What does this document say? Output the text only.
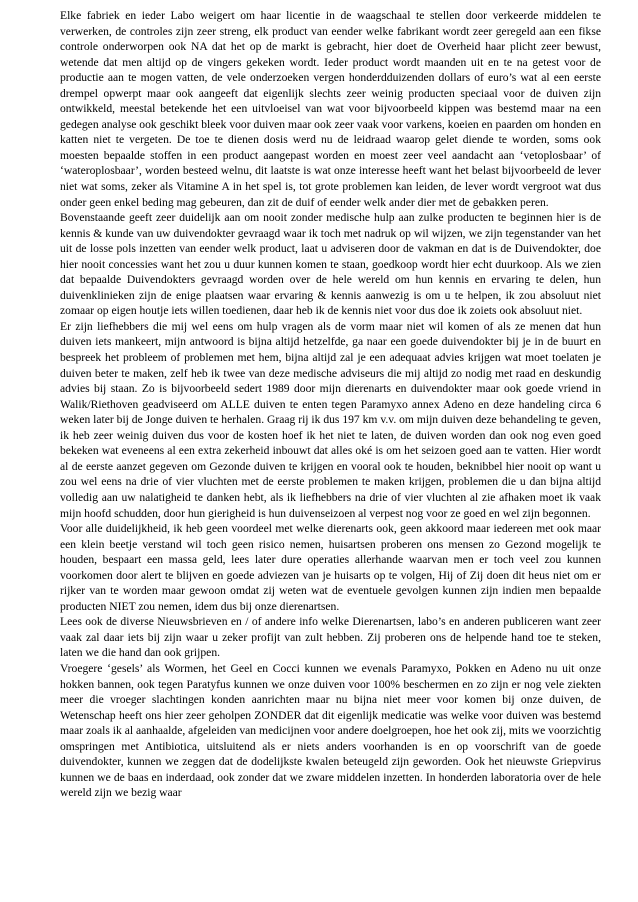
Elke fabriek en ieder Labo weigert om haar licentie in de waagschaal te stellen door verkeerde middelen te verwerken, de controles zijn zeer streng, elk product van eender welke fabrikant wordt zeer geregeld aan een fikse controle onderworpen ook NA dat het op de markt is gebracht, hier doet de Overheid haar plicht zeer bewust, wetende dat men altijd op de vingers gekeken wordt. Ieder product wordt maanden uit en te na getest voor de productie aan te mogen vatten, de vele onderzoeken vergen honderdduizenden dollars of euro’s wat al een eerste drempel opwerpt maar ook aangeeft dat eigenlijk slechts zeer weinig producten speciaal voor de duiven zijn ontwikkeld, meestal betekende het een uitvloeisel van wat voor bijvoorbeeld kippen was bestemd maar na een gedegen analyse ook geschikt bleek voor duiven maar ook zeer vaak voor varkens, koeien en paarden om honden en katten niet te vergeten. De toe te dienen dosis werd nu de leidraad waarop gelet diende te worden, soms ook moesten bepaalde stoffen in een product aangepast worden en moest zeer veel aandacht aan ‘vetoplosbaar’ of ‘wateroplosbaar’, worden besteed welnu, dit laatste is wat onze interesse heeft want het belast bijvoorbeeld de lever niet wat soms, zeker als Vitamine A in het spel is, tot grote problemen kan leiden, de lever wordt vergroot wat dus onder geen enkel beding mag gebeuren, dan zit de duif of eender welk ander dier met de gebakken peren.

Bovenstaande geeft zeer duidelijk aan om nooit zonder medische hulp aan zulke producten te beginnen hier is de kennis & kunde van uw duivendokter gevraagd waar ik toch met nadruk op wil wijzen, we zijn tegenstander van het uit de losse pols inzetten van eender welk product, laat u adviseren door de vakman en dat is de Duivendokter, doe hier nooit concessies want het zou u duur kunnen komen te staan, goedkoop wordt hier echt duurkoop. Als we zien dat bepaalde Duivendokters gevraagd worden over de hele wereld om hun kennis en ervaring te delen, hun duivenklinieken zijn de enige plaatsen waar ervaring & kennis aanwezig is om u te helpen, ik zou absoluut niet zomaar op eigen houtje iets willen toedienen, daar heb ik de kennis niet voor dus doe ik zoiets ook absoluut niet.

Er zijn liefhebbers die mij wel eens om hulp vragen als de vorm maar niet wil komen of als ze menen dat hun duiven iets mankeert, mijn antwoord is bijna altijd hetzelfde, ga naar een goede duivendokter bij je in de buurt en bespreek het probleem of problemen met hem, bijna altijd zal je een adequaat advies krijgen wat moet toelaten je duiven beter te maken, zelf heb ik twee van deze medische adviseurs die mij altijd zo nodig met raad en deskundig advies bij staan. Zo is bijvoorbeeld sedert 1989 door mijn dierenarts en duivendokter maar ook goede vriend in Walik/Riethoven geadviseerd om ALLE duiven te enten tegen Paramyxo annex Adeno en deze handeling circa 6 weken later bij de Jonge duiven te herhalen. Graag rij ik dus 197 km v.v. om mijn duiven deze behandeling te geven, ik heb zeer weinig duiven dus voor de kosten hoef ik het niet te laten, de duiven worden dan ook nog even goed bekeken wat eveneens al een extra zekerheid inbouwt dat alles oké is om het seizoen goed aan te vatten. Hier wordt al de eerste aanzet gegeven om Gezonde duiven te krijgen en vooral ook te houden, beknibbel hier nooit op want u zou wel eens na drie of vier vluchten met de eerste problemen te maken krijgen, problemen die u dan bijna altijd volledig aan uw nalatigheid te danken hebt, als ik liefhebbers na drie of vier vluchten al zie afhaken moet ik vaak mijn hoofd schudden, door hun gierigheid is hun duivenseizoen al verpest nog voor ze goed en wel zijn begonnen.

Voor alle duidelijkheid, ik heb geen voordeel met welke dierenarts ook, geen akkoord maar iedereen met ook maar een klein beetje verstand wil toch geen risico nemen, huisartsen proberen ons mensen zo Gezond mogelijk te houden, bespaart een massa geld, lees later dure operaties allerhande waarvan men er toch veel zou kunnen voorkomen door alert te blijven en goede adviezen van je huisarts op te volgen, Hij of Zij doen dit heus niet om er rijker van te worden maar gewoon omdat zij weten wat de eventuele gevolgen kunnen zijn indien men bepaalde producten NIET zou nemen, idem dus bij onze dierenartsen.

Lees ook de diverse Nieuwsbrieven en / of andere info welke Dierenartsen, labo’s en anderen publiceren want zeer vaak zal daar iets bij zijn waar u zeker profijt van zult hebben. Zij proberen ons de helpende hand toe te steken, laten we die hand dan ook grijpen.

Vroegere ‘gesels’ als Wormen, het Geel en Cocci kunnen we evenals Paramyxo, Pokken en Adeno nu uit onze hokken bannen, ook tegen Paratyfus kunnen we onze duiven voor 100% beschermen en zo zijn er nog vele ziekten meer die vroeger slachtingen konden aanrichten maar nu bijna niet meer voor komen bij onze duiven, de Wetenschap heeft ons hier zeer geholpen ZONDER dat dit eigenlijk medicatie was welke voor duiven was bestemd maar zoals ik al aanhaalde, afgeleiden van medicijnen voor andere doelgroepen, hoe het ook zij, mits we voorzichtig omspringen met Antibiotica, uitsluitend als er niets anders voorhanden is en op voorschrift van de goede duivendokter, kunnen we zeggen dat de dodelijkste kwalen beteugeld zijn geworden. Ook het nieuwste Griepvirus kunnen we de baas en inderdaad, ook zonder dat we zware middelen inzetten. In honderden laboratoria over de hele wereld zijn we bezig waar
